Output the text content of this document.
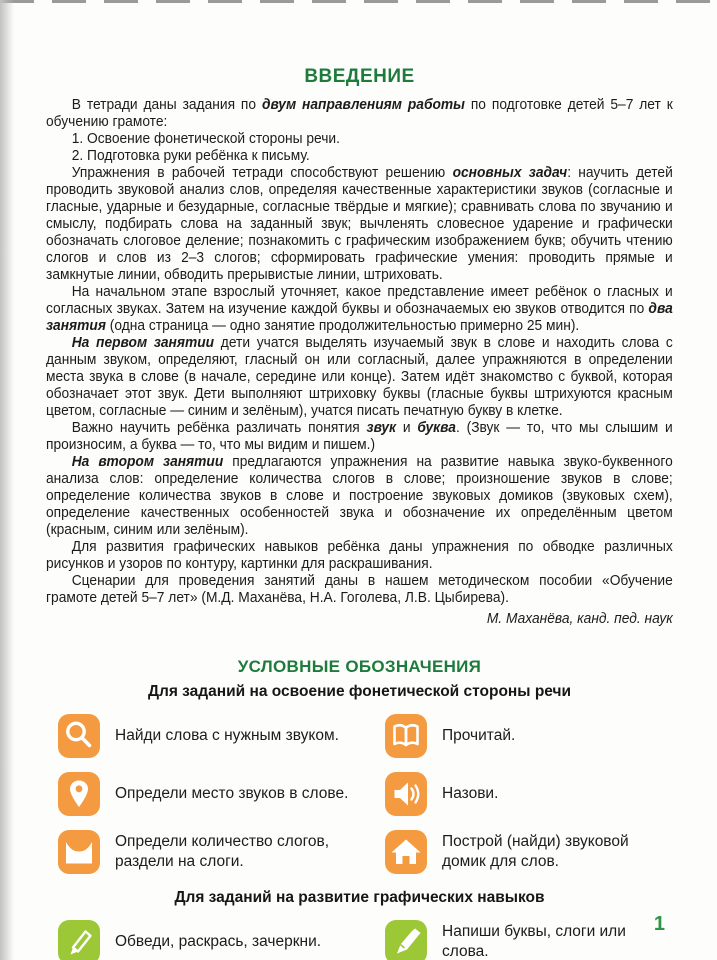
ВВЕДЕНИЕ

В тетради даны задания по двум направлениям работы по подготовке детей 5–7 лет к обучению грамоте:

1. Освоение фонетической стороны речи.

2. Подготовка руки ребёнка к письму.

Упражнения в рабочей тетради способствуют решению основных задач: научить детей проводить звуковой анализ слов, определяя качественные характеристики звуков (согласные и гласные, ударные и безударные, согласные твёрдые и мягкие); сравнивать слова по звучанию и смыслу, подбирать слова на заданный звук; вычленять словесное ударение и графически обозначать слоговое деление; познакомить с графическим изображением букв; обучить чтению слогов и слов из 2–3 слогов; сформировать графические умения: проводить прямые и замкнутые линии, обводить прерывистые линии, штриховать.

На начальном этапе взрослый уточняет, какое представление имеет ребёнок о гласных и согласных звуках. Затем на изучение каждой буквы и обозначаемых ею звуков отводится по два занятия (одна страница — одно занятие продолжительностью примерно 25 мин).

На первом занятии дети учатся выделять изучаемый звук в слове и находить слова с данным звуком, определяют, гласный он или согласный, далее упражняются в определении места звука в слове (в начале, середине или конце). Затем идёт знакомство с буквой, которая обозначает этот звук. Дети выполняют штриховку буквы (гласные буквы штрихуются красным цветом, согласные — синим и зелёным), учатся писать печатную букву в клетке.

Важно научить ребёнка различать понятия звук и буква. (Звук — то, что мы слышим и произносим, а буква — то, что мы видим и пишем.)

На втором занятии предлагаются упражнения на развитие навыка звуко-буквенного анализа слов: определение количества слогов в слове; произношение звуков в слове; определение количества звуков в слове и построение звуковых домиков (звуковых схем), определение качественных особенностей звука и обозначение их определённым цветом (красным, синим или зелёным).

Для развития графических навыков ребёнка даны упражнения по обводке различных рисунков и узоров по контуру, картинки для раскрашивания.

Сценарии для проведения занятий даны в нашем методическом пособии «Обучение грамоте детей 5–7 лет» (М.Д. Маханёва, Н.А. Гоголева, Л.В. Цыбирева).

М. Маханёва, канд. пед. наук

УСЛОВНЫЕ ОБОЗНАЧЕНИЯ
Для заданий на освоение фонетической стороны речи
Найди слова с нужным звуком.	Прочитай.
Определи место звуков в слове.	Назови.
Определи количество слогов, раздели на слоги.
Построй (найди) звуковой домик для слов.
Для заданий на развитие графических навыков
Обведи, раскрась, зачеркни.
Напиши буквы, слоги или слова.
1
